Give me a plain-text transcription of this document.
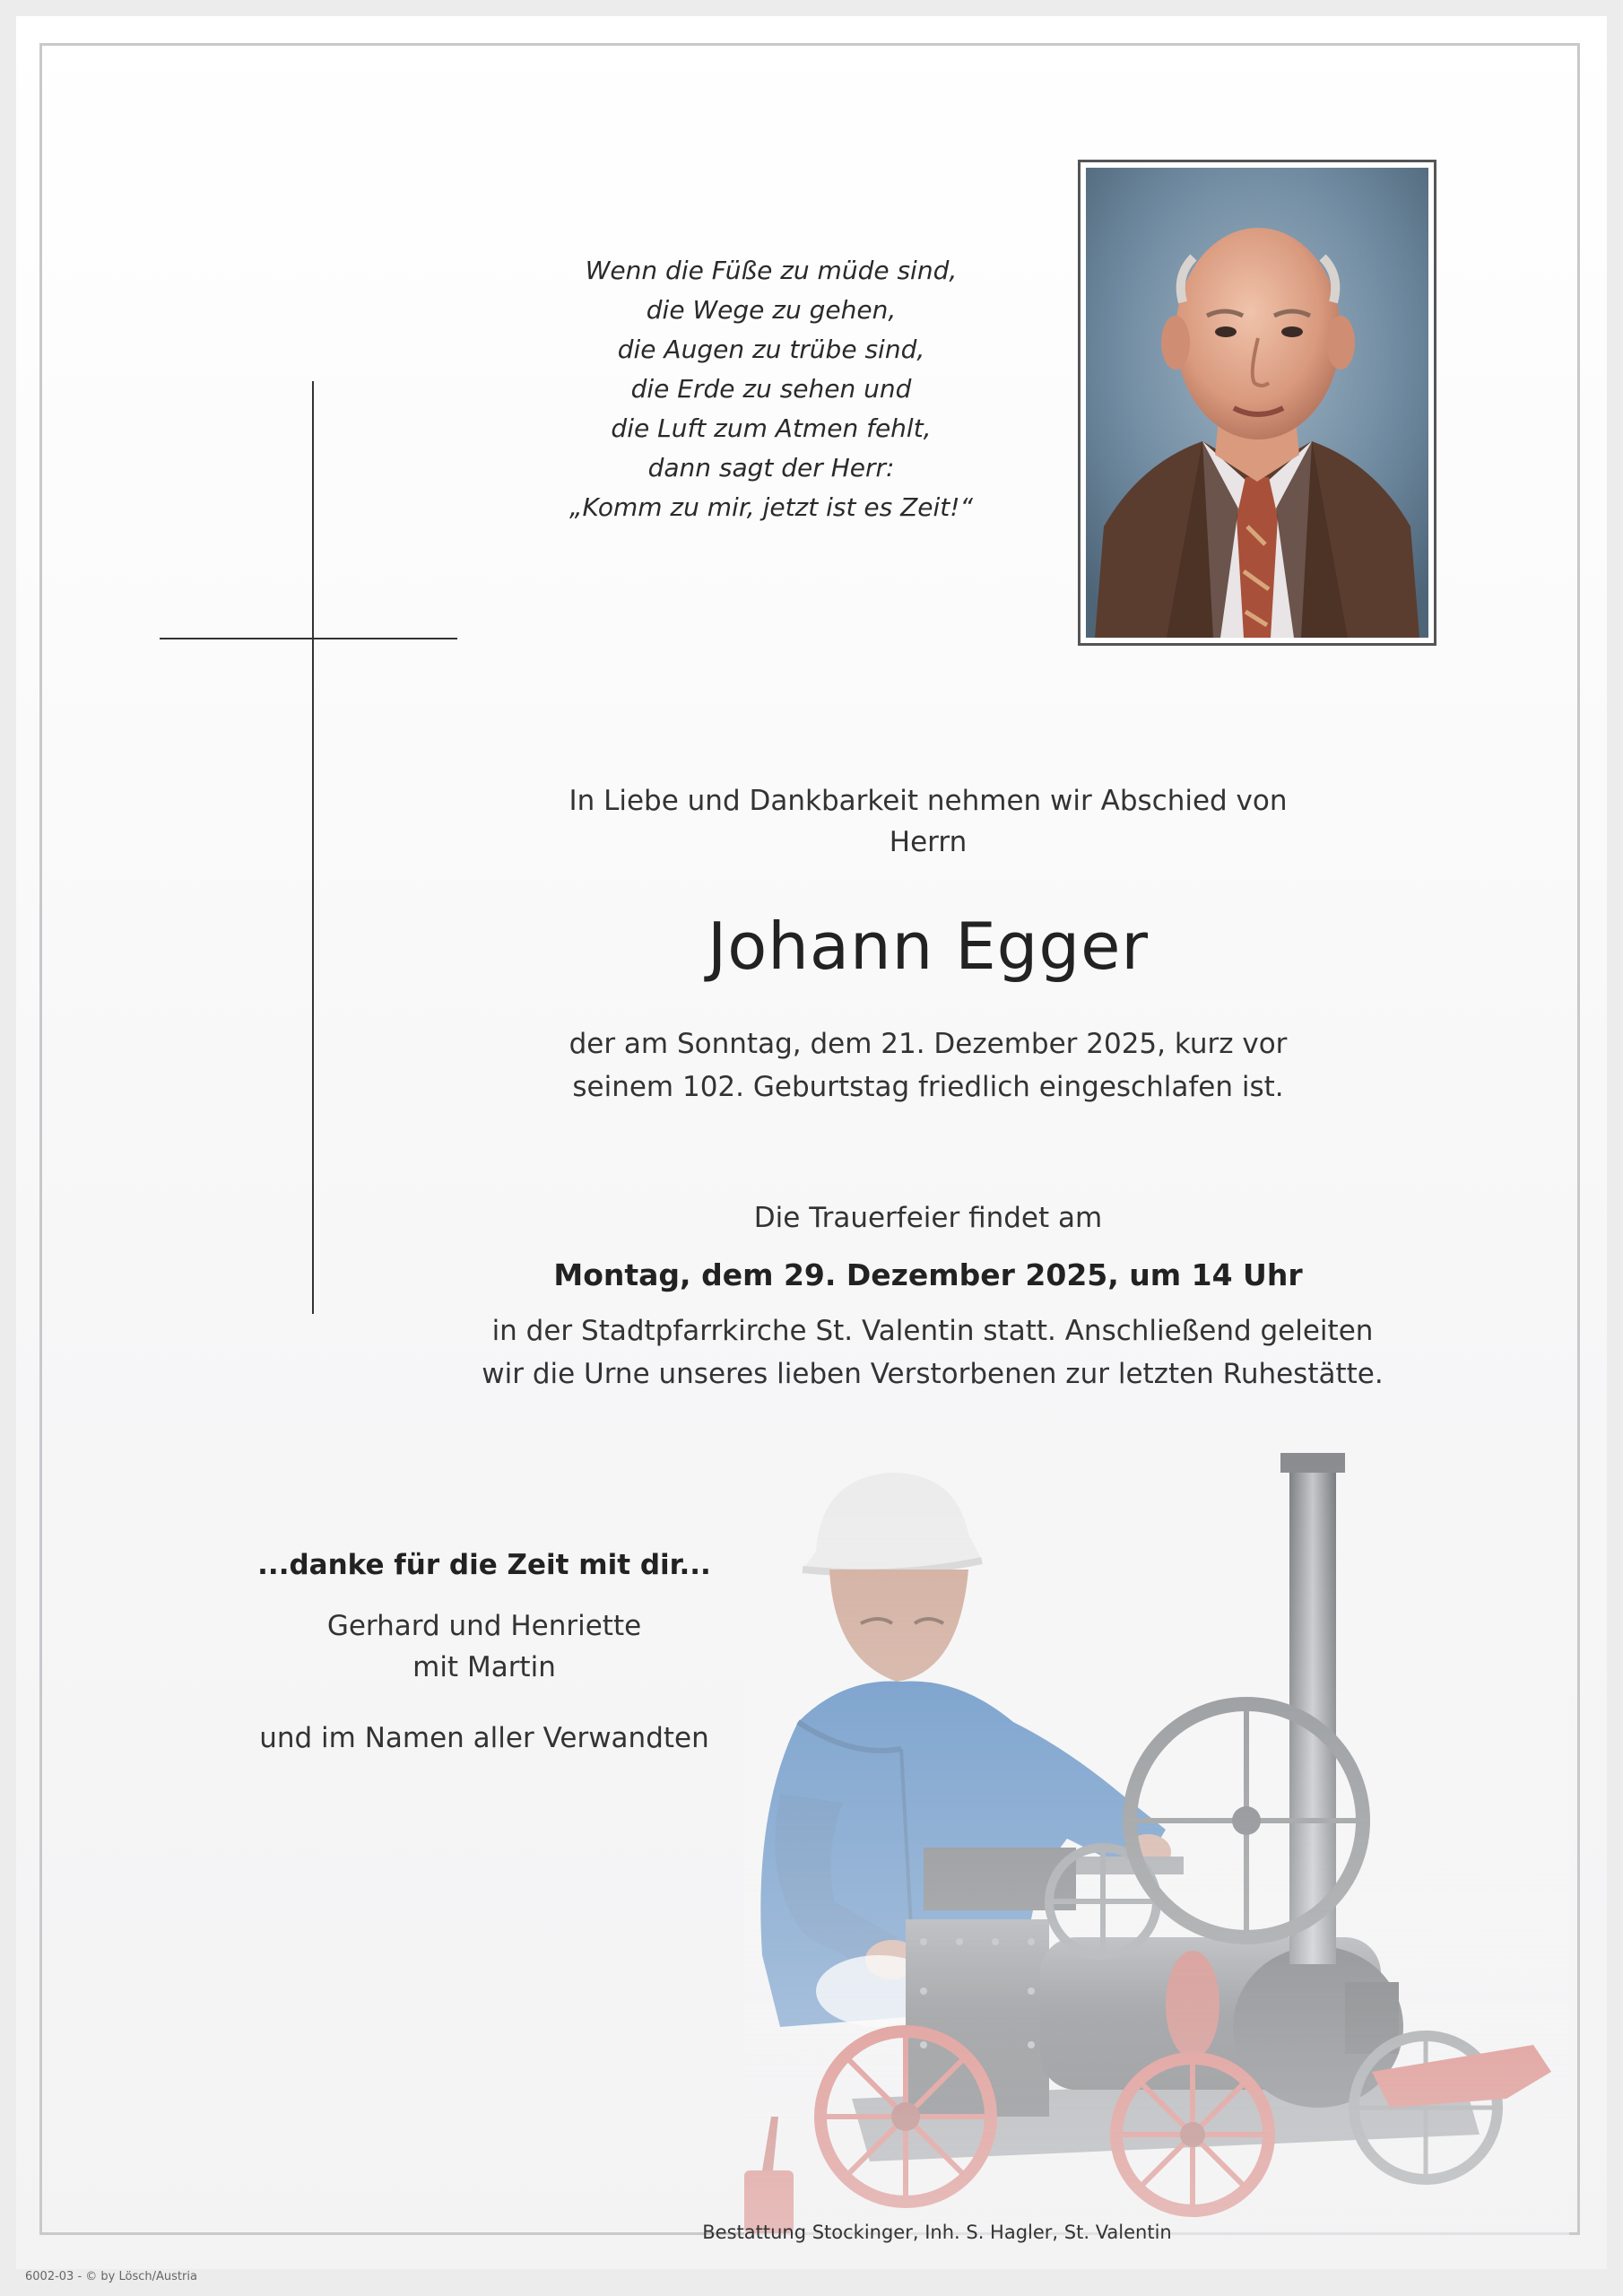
Wenn die Füße zu müde sind,
die Wege zu gehen,
die Augen zu trübe sind,
die Erde zu sehen und
die Luft zum Atmen fehlt,
dann sagt der Herr:
„Komm zu mir, jetzt ist es Zeit!“
In Liebe und Dankbarkeit nehmen wir Abschied von
Herrn
Johann Egger
der am Sonntag, dem 21. Dezember 2025, kurz vor
seinem 102. Geburtstag friedlich eingeschlafen ist.
Die Trauerfeier findet am
Montag, dem 29. Dezember 2025, um 14 Uhr
in der Stadtpfarrkirche St. Valentin statt. Anschließend geleiten
wir die Urne unseres lieben Verstorbenen zur letzten Ruhestätte.
...danke für die Zeit mit dir...
Gerhard und Henriette
mit Martin
und im Namen aller Verwandten
Bestattung Stockinger, Inh. S. Hagler, St. Valentin
6002-03 - © by Lösch/Austria
